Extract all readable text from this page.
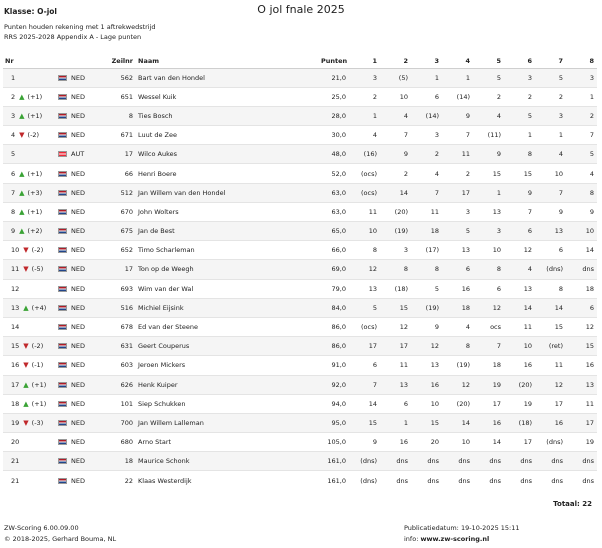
Klasse: O-jol	O jol fnale 2025
Punten houden rekening met 1 aftrekwedstrijd
RRS 2025-2028 Appendix A - Lage punten
Nr		Zeilnr	Naam	Punten	1	2	3	4	5	6	7	8
1	NED	562	Bart van den Hondel	21,0	3	(5)	1	1	5	3	5	3
2 ▲ (+1)	NED	651	Wessel Kuik	25,0	2	10	6	(14)	2	2	2	1
3 ▲ (+1)	NED	8	Ties Bosch	28,0	1	4	(14)	9	4	5	3	2
4 ▼ (-2)	NED	671	Luut de Zee	30,0	4	7	3	7	(11)	1	1	7
5	AUT	17	Wilco Aukes	48,0	(16)	9	2	11	9	8	4	5
6 ▲ (+1)	NED	66	Henri Boere	52,0	(ocs)	2	4	2	15	15	10	4
7 ▲ (+3)	NED	512	Jan Willem van den Hondel	63,0	(ocs)	14	7	17	1	9	7	8
8 ▲ (+1)	NED	670	John Wolters	63,0	11	(20)	11	3	13	7	9	9
9 ▲ (+2)	NED	675	Jan de Best	65,0	10	(19)	18	5	3	6	13	10
10 ▼ (-2)	NED	652	Timo Scharleman	66,0	8	3	(17)	13	10	12	6	14
11 ▼ (-5)	NED	17	Ton op de Weegh	69,0	12	8	8	6	8	4	(dns)	dns
12	NED	693	Wim van der Wal	79,0	13	(18)	5	16	6	13	8	18
13 ▲ (+4)	NED	516	Michiel Eijsink	84,0	5	15	(19)	18	12	14	14	6
14	NED	678	Ed van der Steene	86,0	(ocs)	12	9	4	ocs	11	15	12
15 ▼ (-2)	NED	631	Geert Couperus	86,0	17	17	12	8	7	10	(ret)	15
16 ▼ (-1)	NED	603	Jeroen Mickers	91,0	6	11	13	(19)	18	16	11	16
17 ▲ (+1)	NED	626	Henk Kuiper	92,0	7	13	16	12	19	(20)	12	13
18 ▲ (+1)	NED	101	Siep Schukken	94,0	14	6	10	(20)	17	19	17	11
19 ▼ (-3)	NED	700	Jan Willem Lalleman	95,0	15	1	15	14	16	(18)	16	17
20	NED	680	Arno Start	105,0	9	16	20	10	14	17	(dns)	19
21	NED	18	Maurice Schonk	161,0	(dns)	dns	dns	dns	dns	dns	dns	dns
21	NED	22	Klaas Westerdijk	161,0	(dns)	dns	dns	dns	dns	dns	dns	dns
Totaal: 22
ZW-Scoring 6.00.09.00
© 2018-2025, Gerhard Bouma, NL
Publicatiedatum: 19-10-2025 15:11
info: www.zw-scoring.nl
